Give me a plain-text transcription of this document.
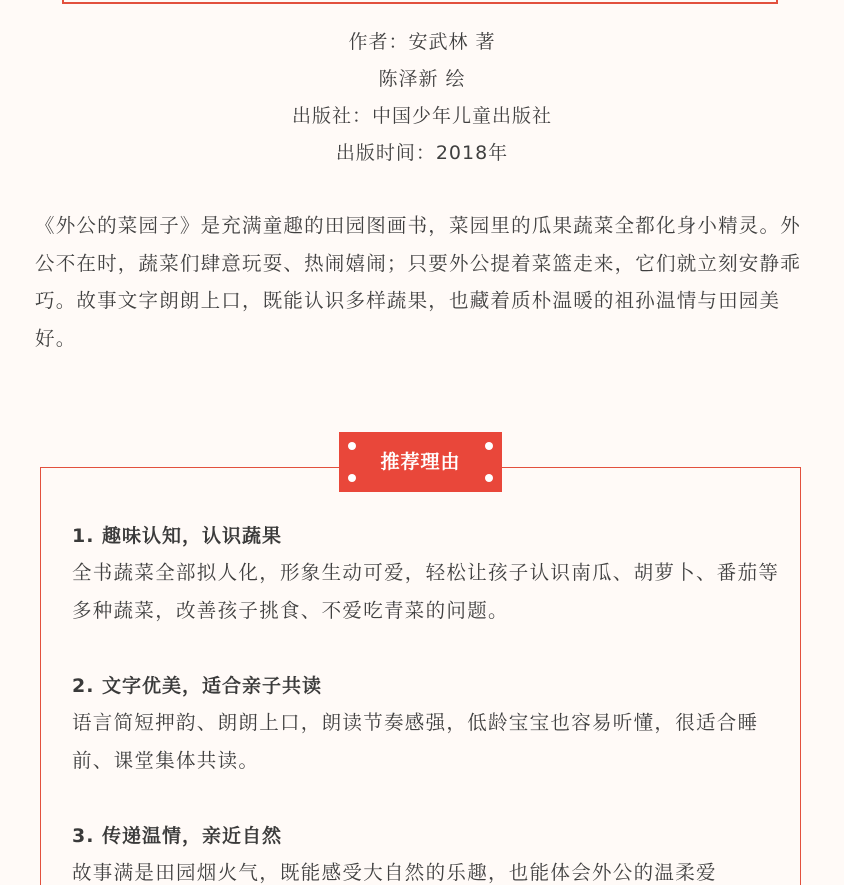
作者：安武林 著
陈泽新 绘
出版社：中国少年儿童出版社
出版时间：2018年

《外公的菜园子》是充满童趣的田园图画书，菜园里的瓜果蔬菜全都化身小精灵。外公不在时，蔬菜们肆意玩耍、热闹嬉闹；只要外公提着菜篮走来，它们就立刻安静乖巧。故事文字朗朗上口，既能认识多样蔬果，也藏着质朴温暖的祖孙温情与田园美好。

推荐理由
1. 趣味认知，认识蔬果
全书蔬菜全部拟人化，形象生动可爱，轻松让孩子认识南瓜、胡萝卜、番茄等多种蔬菜，改善孩子挑食、不爱吃青菜的问题。
2. 文字优美，适合亲子共读
语言简短押韵、朗朗上口，朗读节奏感强，低龄宝宝也容易听懂，很适合睡前、课堂集体共读。
3. 传递温情，亲近自然
故事满是田园烟火气，既能感受大自然的乐趣，也能体会外公的温柔爱
